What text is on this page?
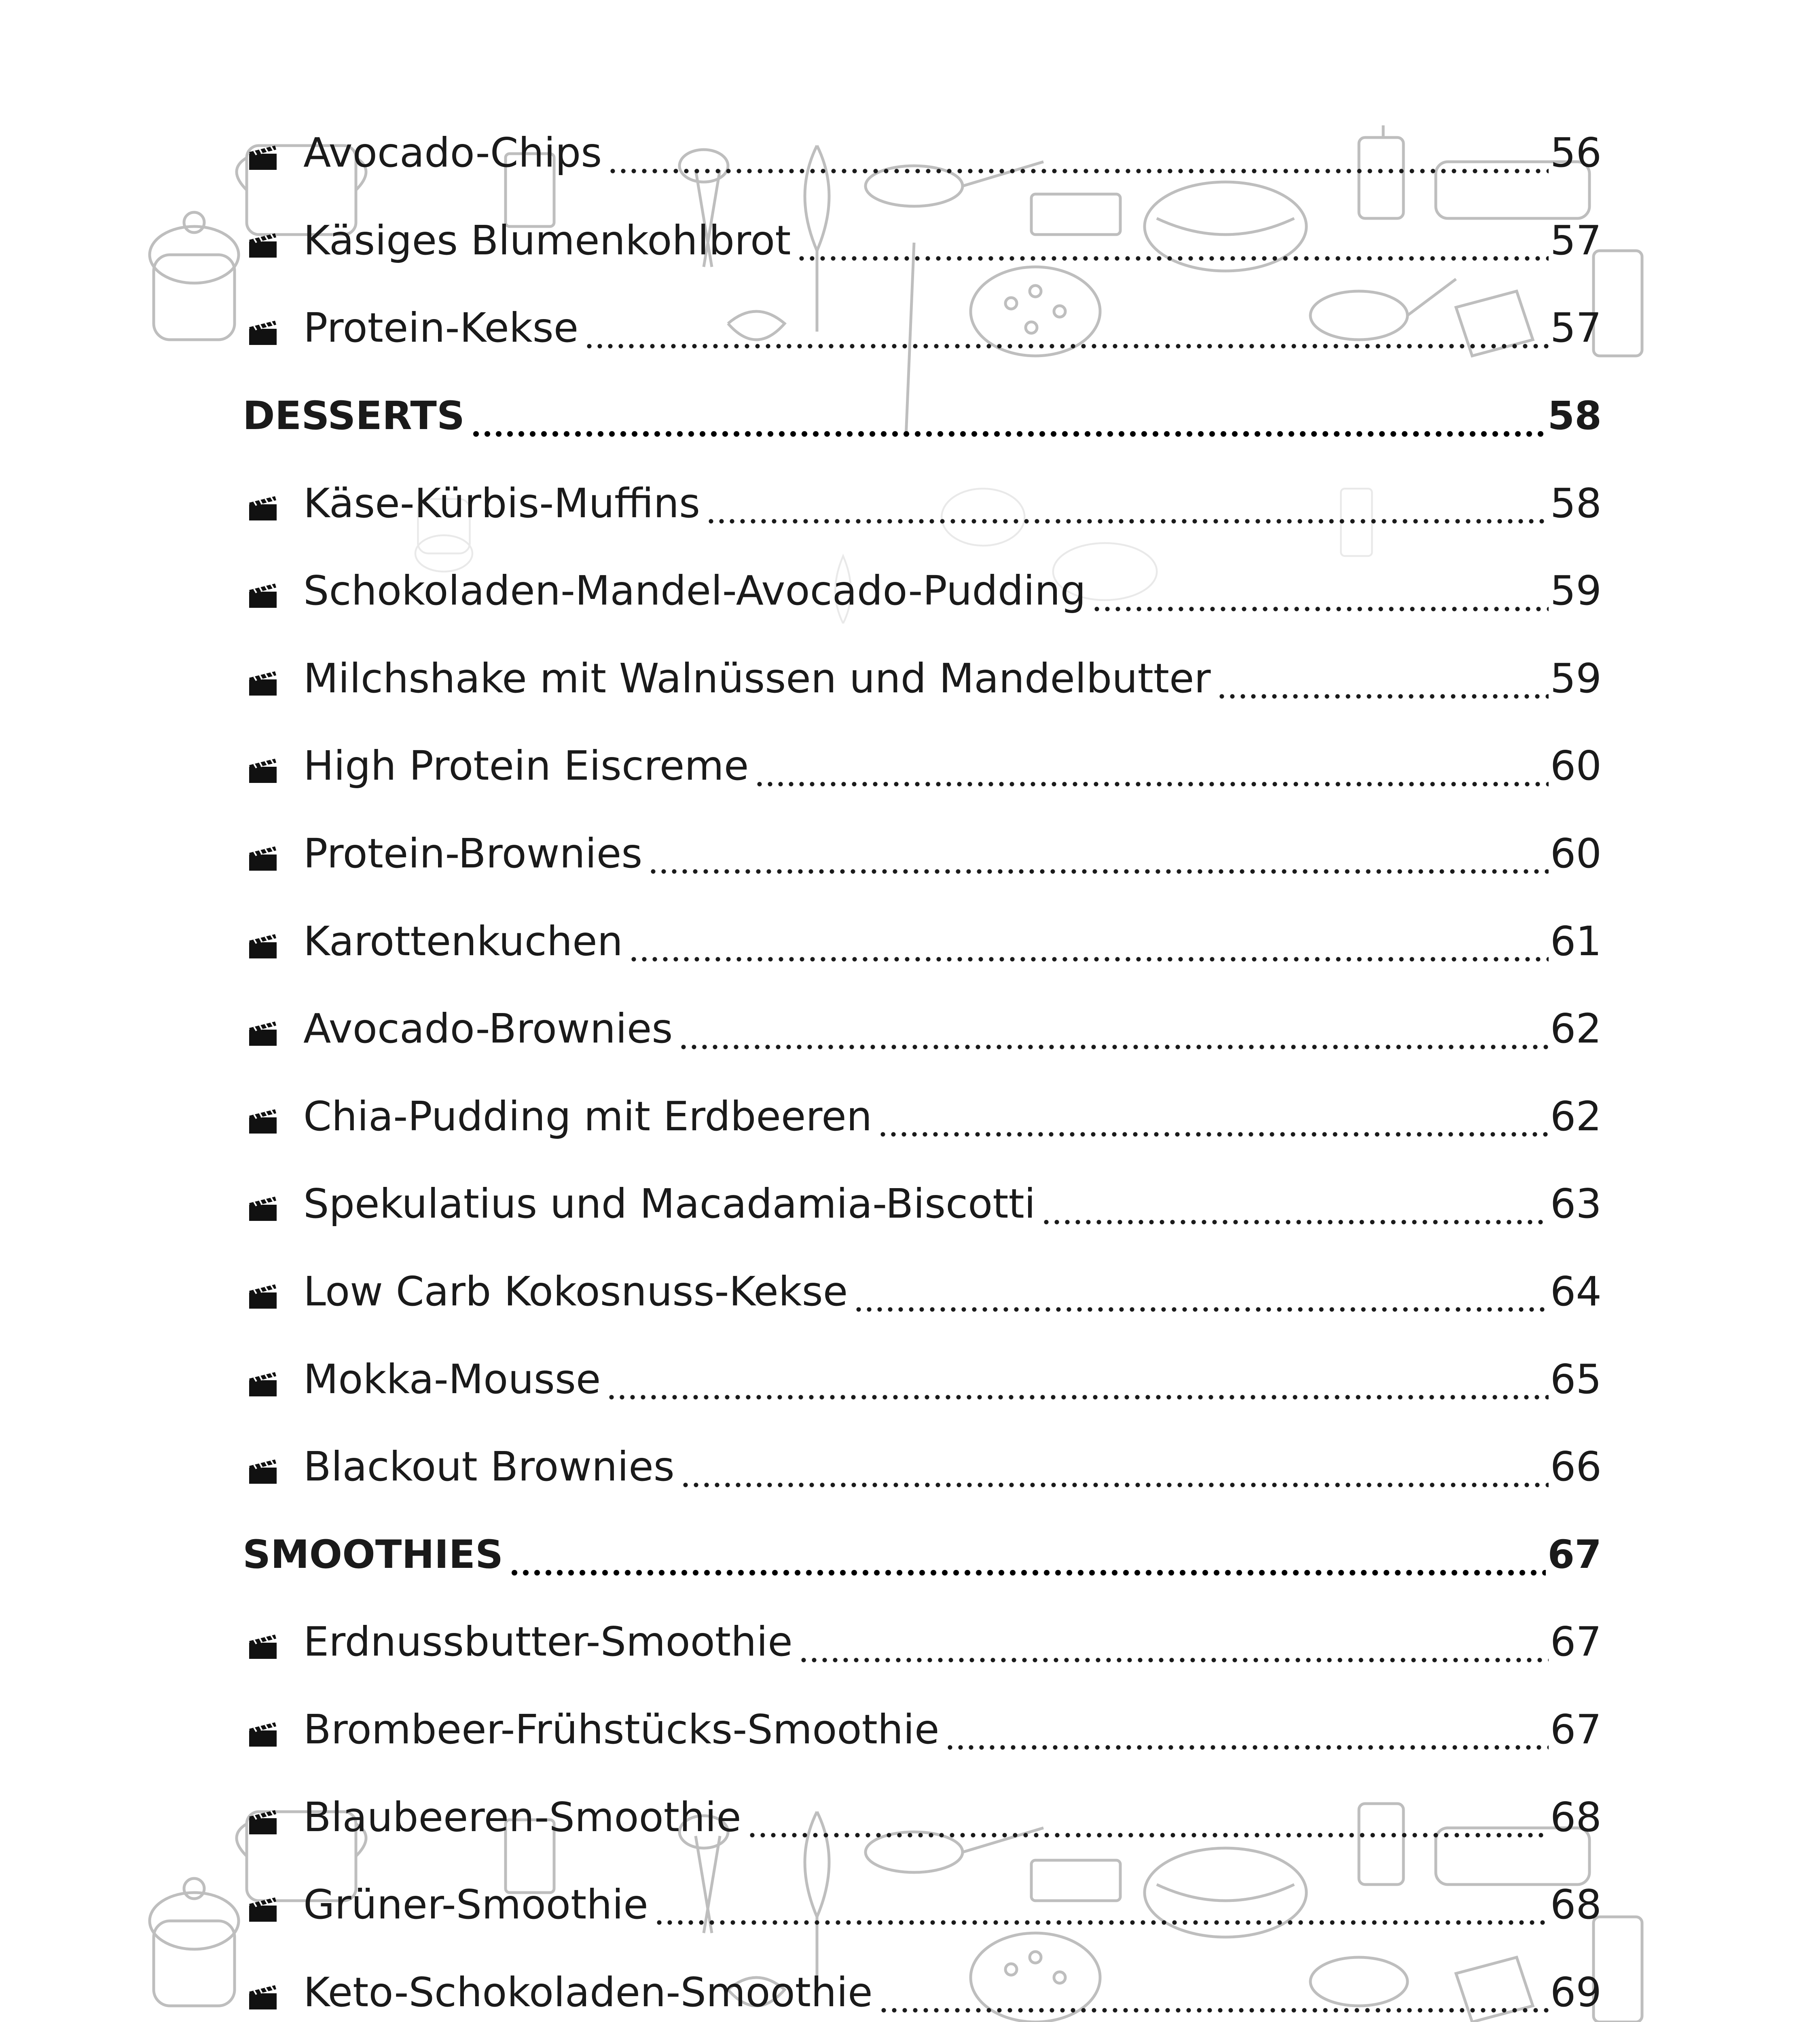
Avocado-Chips	56
Käsiges Blumenkohlbrot	57
Protein-Kekse	57
DESSERTS	58
Käse-Kürbis-Muffins	58
Schokoladen-Mandel-Avocado-Pudding	59
Milchshake mit Walnüssen und Mandelbutter	59
High Protein Eiscreme	60
Protein-Brownies	60
Karottenkuchen	61
Avocado-Brownies	62
Chia-Pudding mit Erdbeeren	62
Spekulatius und Macadamia-Biscotti	63
Low Carb Kokosnuss-Kekse	64
Mokka-Mousse	65
Blackout Brownies	66
SMOOTHIES	67
Erdnussbutter-Smoothie	67
Brombeer-Frühstücks-Smoothie	67
Blaubeeren-Smoothie	68
Grüner-Smoothie	68
Keto-Schokoladen-Smoothie	69
